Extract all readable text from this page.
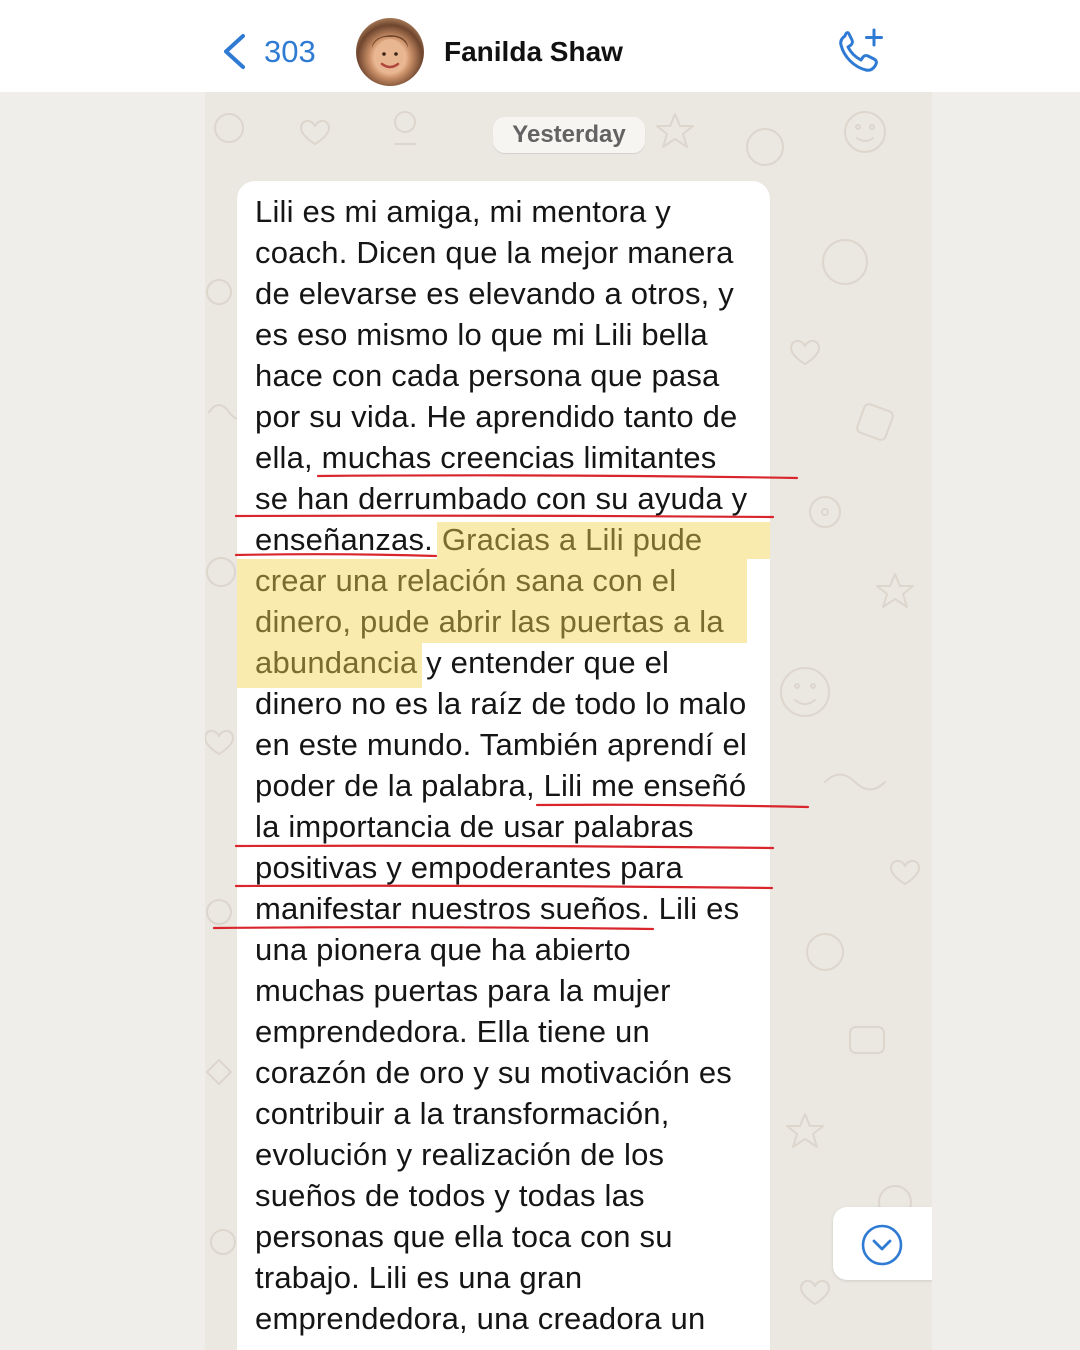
303	Fanilda Shaw
Yesterday
Lili es mi amiga, mi mentora y
coach. Dicen que la mejor manera
de elevarse es elevando a otros, y
es eso mismo lo que mi Lili bella
hace con cada persona que pasa
por su vida. He aprendido tanto de
ella, muchas creencias limitantes
se han derrumbado con su ayuda y
enseñanzas. Gracias a Lili pude
crear una relación sana con el
dinero, pude abrir las puertas a la
abundancia y entender que el
dinero no es la raíz de todo lo malo
en este mundo. También aprendí el
poder de la palabra, Lili me enseñó
la importancia de usar palabras
positivas y empoderantes para
manifestar nuestros sueños. Lili es
una pionera que ha abierto
muchas puertas para la mujer
emprendedora. Ella tiene un
corazón de oro y su motivación es
contribuir a la transformación,
evolución y realización de los
sueños de todos y todas las
personas que ella toca con su
trabajo. Lili es una gran
emprendedora, una creadora un
